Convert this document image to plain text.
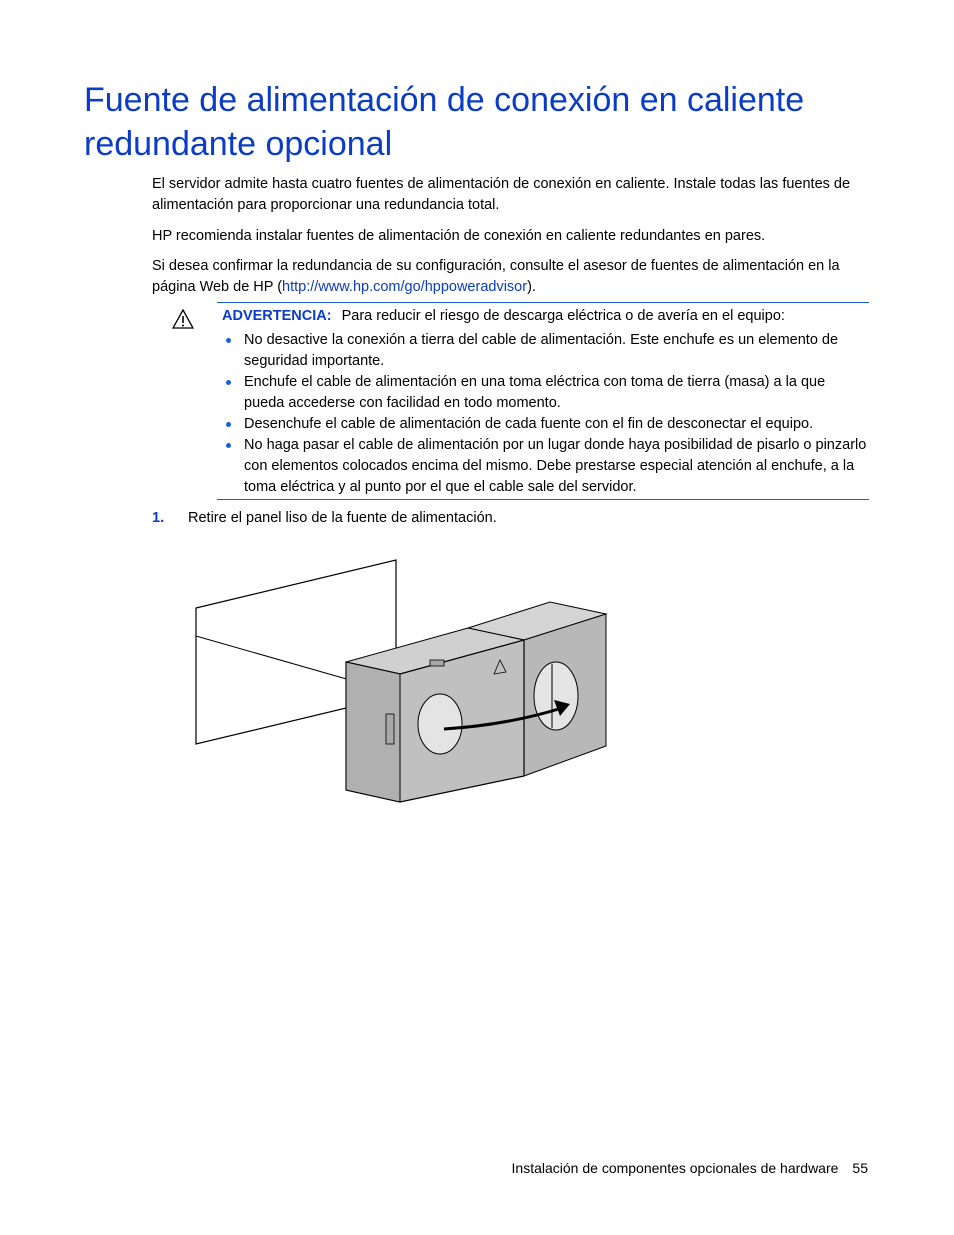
Fuente de alimentación de conexión en caliente redundante opcional

El servidor admite hasta cuatro fuentes de alimentación de conexión en caliente. Instale todas las fuentes de alimentación para proporcionar una redundancia total.

HP recomienda instalar fuentes de alimentación de conexión en caliente redundantes en pares.

Si desea confirmar la redundancia de su configuración, consulte el asesor de fuentes de alimentación en la página Web de HP (http://www.hp.com/go/hppoweradvisor).

ADVERTENCIA: Para reducir el riesgo de descarga eléctrica o de avería en el equipo:
No desactive la conexión a tierra del cable de alimentación. Este enchufe es un elemento de seguridad importante.
Enchufe el cable de alimentación en una toma eléctrica con toma de tierra (masa) a la que pueda accederse con facilidad en todo momento.
Desenchufe el cable de alimentación de cada fuente con el fin de desconectar el equipo.
No haga pasar el cable de alimentación por un lugar donde haya posibilidad de pisarlo o pinzarlo con elementos colocados encima del mismo. Debe prestarse especial atención al enchufe, a la toma eléctrica y al punto por el que el cable sale del servidor.
1. Retire el panel liso de la fuente de alimentación.
Instalación de componentes opcionales de hardware 55
